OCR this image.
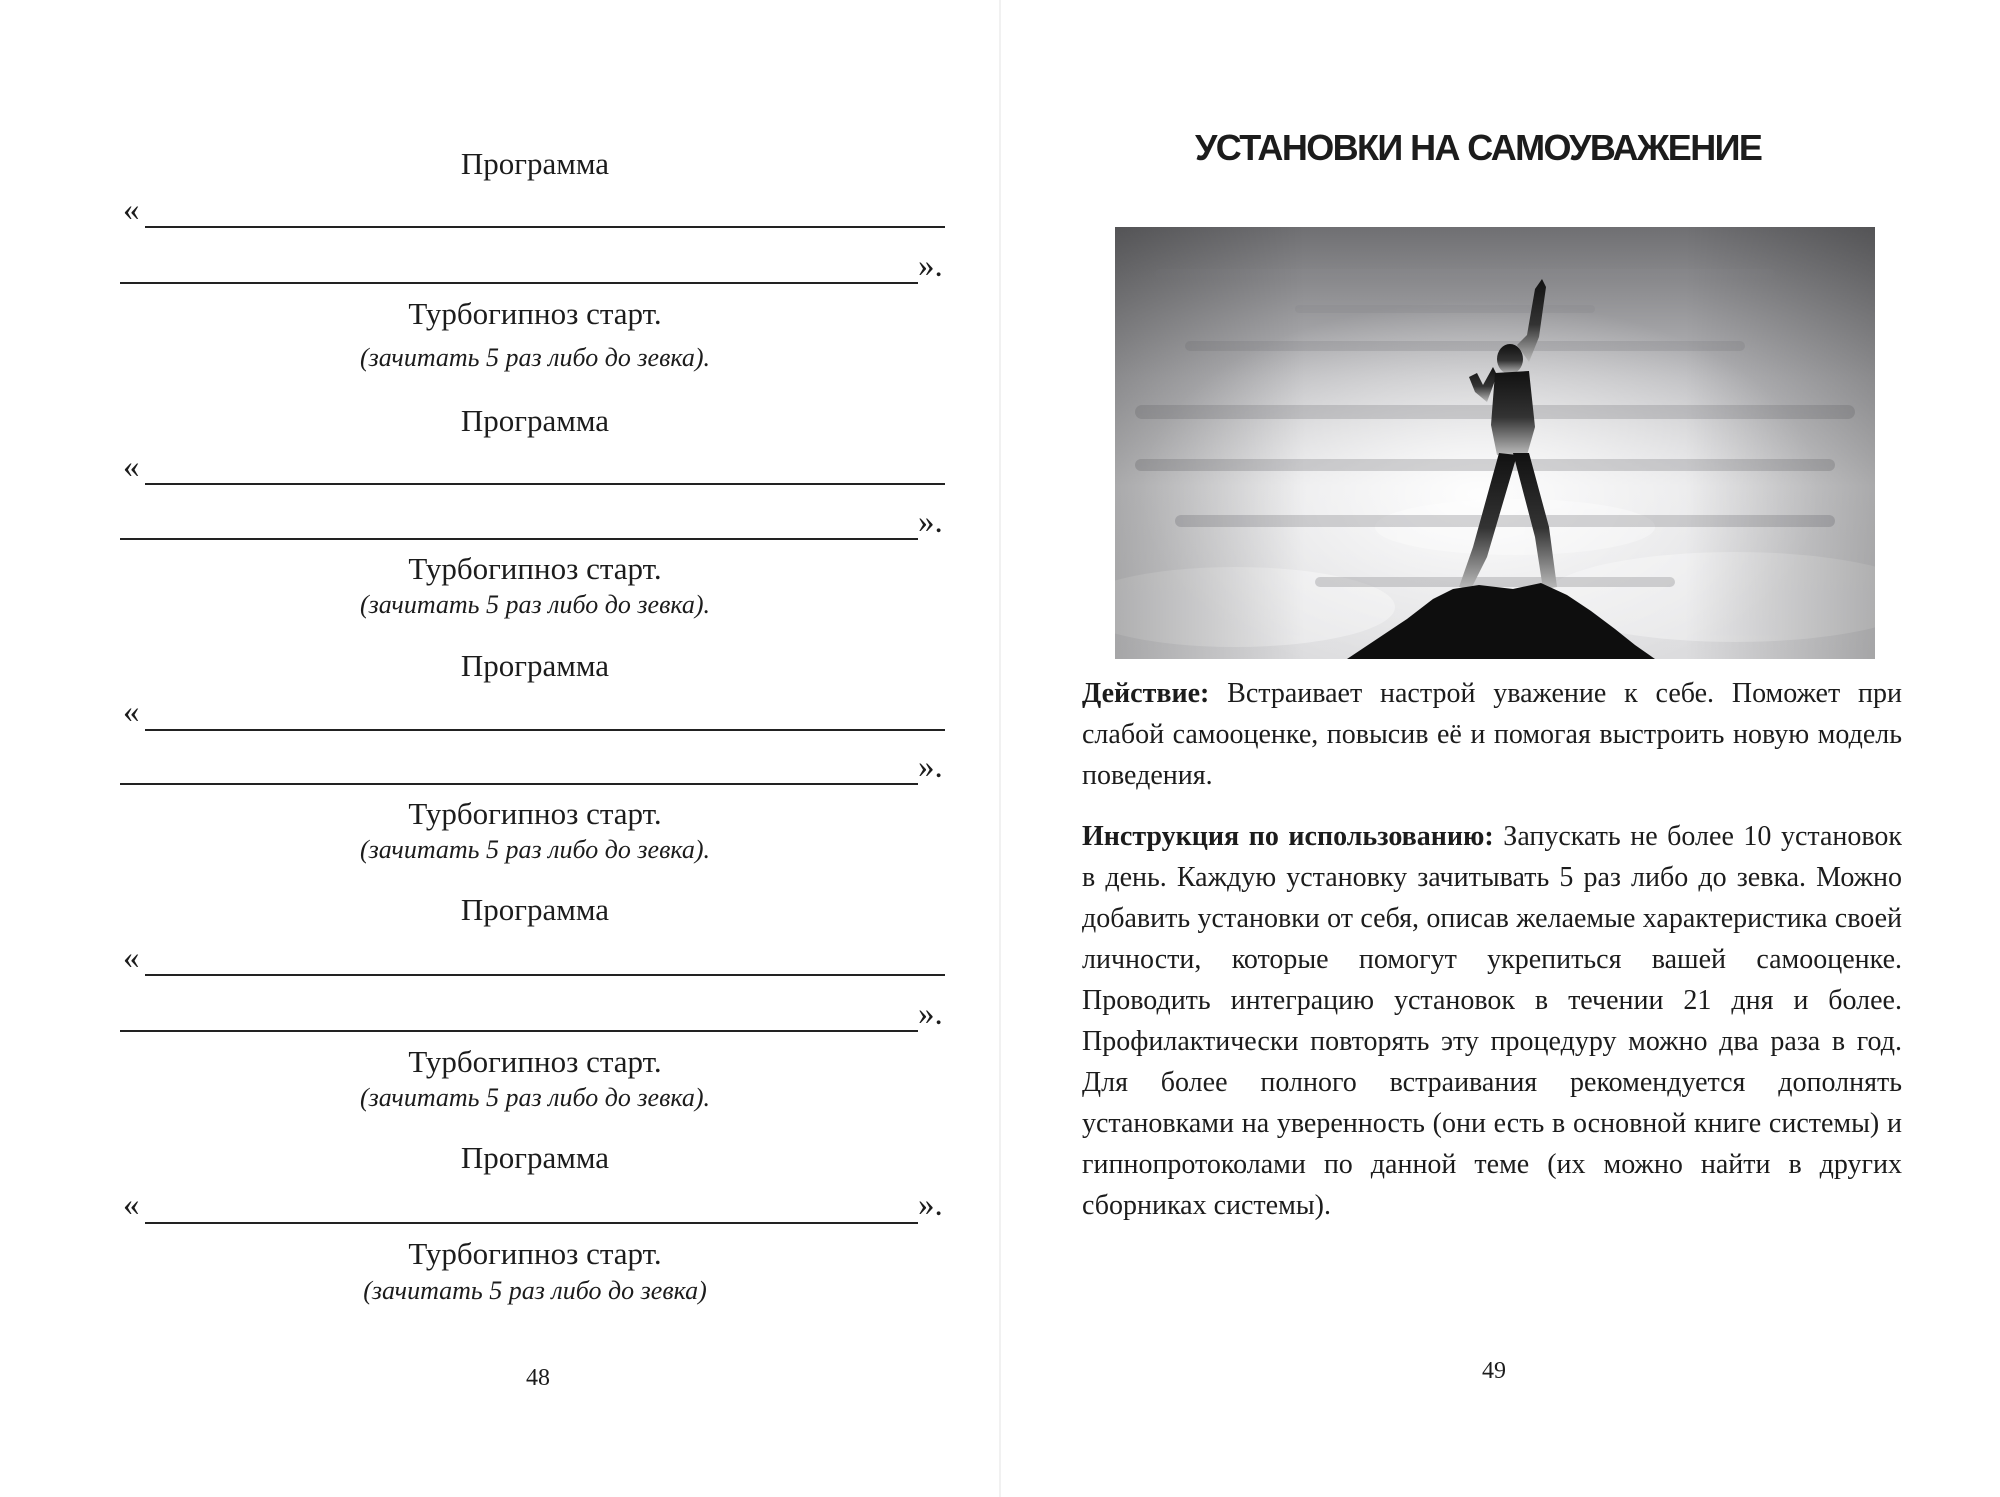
Программа
«
».
Турбогипноз старт.
(зачитать 5 раз либо до зевка).
Программа
«
».
Турбогипноз старт.
(зачитать 5 раз либо до зевка).
Программа
«
».
Турбогипноз старт.
(зачитать 5 раз либо до зевка).
Программа
«
».
Турбогипноз старт.
(зачитать 5 раз либо до зевка).
Программа
«	».
Турбогипноз старт.
(зачитать 5 раз либо до зевка)
48
УСТАНОВКИ НА САМОУВАЖЕНИЕ
Действие: Встраивает настрой уважение к себе. Поможет при слабой самооценке, повысив её и помогая выстроить новую модель поведения.
Инструкция по использованию: Запускать не более 10 установок в день. Каждую установку зачитывать 5 раз либо до зевка. Можно добавить установки от себя, описав желаемые характеристика своей личности, которые помогут укрепиться вашей самооценке. Проводить интеграцию установок в течении 21 дня и более. Профилактически повторять эту процедуру можно два раза в год. Для более полного встраивания рекомендуется дополнять установками на уверенность (они есть в основной книге системы) и гипнопротоколами по данной теме (их можно найти в других сборниках системы).
49
